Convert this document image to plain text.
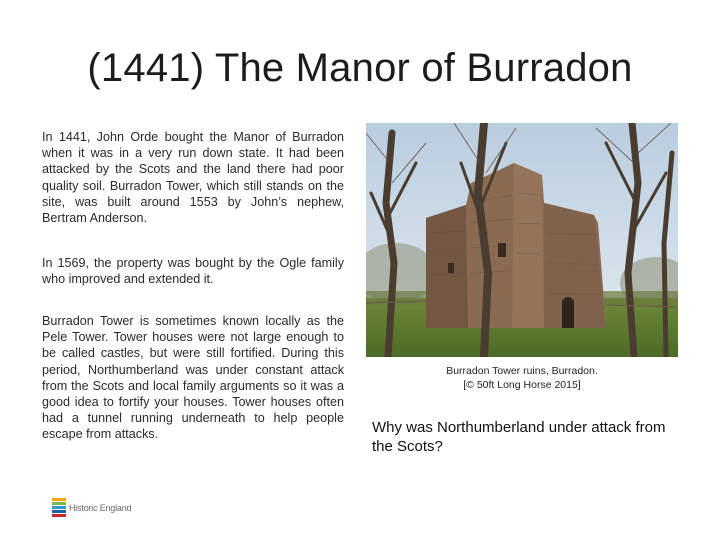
(1441) The Manor of Burradon
In 1441, John Orde bought the Manor of Burradon when it was in a very run down state. It had been attacked by the Scots and the land there had poor quality soil. Burradon Tower, which still stands on the site, was built around 1553 by John’s nephew, Bertram Anderson.
In 1569, the property was bought by the Ogle family who improved and extended it.
Burradon Tower is sometimes known locally as the Pele Tower. Tower houses were not large enough to be called castles, but were still fortified. During this period, Northumberland was under constant attack from the Scots and local family arguments so it was a good idea to fortify your houses. Tower houses often had a tunnel running underneath to help people escape from attacks.
Burradon Tower ruins, Burradon.
[© 50ft Long Horse 2015]
Why was Northumberland under attack from the Scots?
Historic England
